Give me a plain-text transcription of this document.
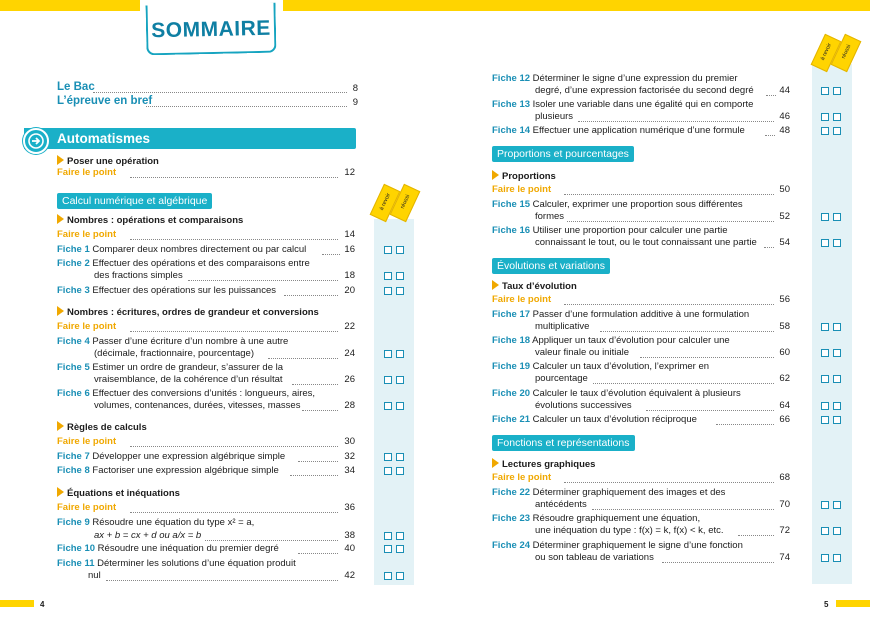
SOMMAIRE
Le Bac	8
L’épreuve en bref	9
Automatismes
Poser une opération
Faire le point	12
Calcul numérique et algébrique	à revoir	réussi
Nombres : opérations et comparaisons
Faire le point	14
Fiche 1 Comparer deux nombres directement ou par calcul	16
Fiche 2 Effectuer des opérations et des comparaisons entre
des fractions simples	18
Fiche 3 Effectuer des opérations sur les puissances	20
Nombres : écritures, ordres de grandeur et conversions
Faire le point	22
Fiche 4 Passer d’une écriture d’un nombre à une autre
(décimale, fractionnaire, pourcentage)	24
Fiche 5 Estimer un ordre de grandeur, s’assurer de la
vraisemblance, de la cohérence d’un résultat	26
Fiche 6 Effectuer des conversions d’unités : longueurs, aires,
volumes, contenances, durées, vitesses, masses	28
Règles de calculs
Faire le point	30
Fiche 7 Développer une expression algébrique simple	32
Fiche 8 Factoriser une expression algébrique simple	34
Équations et inéquations
Faire le point	36
Fiche 9 Résoudre une équation du type x² = a,
ax + b = cx + d ou a/x = b	38
Fiche 10 Résoudre une inéquation du premier degré	40
Fiche 11 Déterminer les solutions d’une équation produit
nul	42
4
à revoir	réussi
Fiche 12 Déterminer le signe d’une expression du premier
degré, d’une expression factorisée du second degré	44
Fiche 13 Isoler une variable dans une égalité qui en comporte
plusieurs	46
Fiche 14 Effectuer une application numérique d’une formule	48
Proportions et pourcentages
Proportions
Faire le point	50
Fiche 15 Calculer, exprimer une proportion sous différentes
formes	52
Fiche 16 Utiliser une proportion pour calculer une partie
connaissant le tout, ou le tout connaissant une partie	54
Évolutions et variations
Taux d’évolution
Faire le point	56
Fiche 17 Passer d’une formulation additive à une formulation
multiplicative	58
Fiche 18 Appliquer un taux d’évolution pour calculer une
valeur finale ou initiale	60
Fiche 19 Calculer un taux d’évolution, l’exprimer en
pourcentage	62
Fiche 20 Calculer le taux d’évolution équivalent à plusieurs
évolutions successives	64
Fiche 21 Calculer un taux d’évolution réciproque	66
Fonctions et représentations
Lectures graphiques
Faire le point	68
Fiche 22 Déterminer graphiquement des images et des
antécédents	70
Fiche 23 Résoudre graphiquement une équation,
une inéquation du type : f(x) = k, f(x) < k, etc.	72
Fiche 24 Déterminer graphiquement le signe d’une fonction
ou son tableau de variations	74
5
